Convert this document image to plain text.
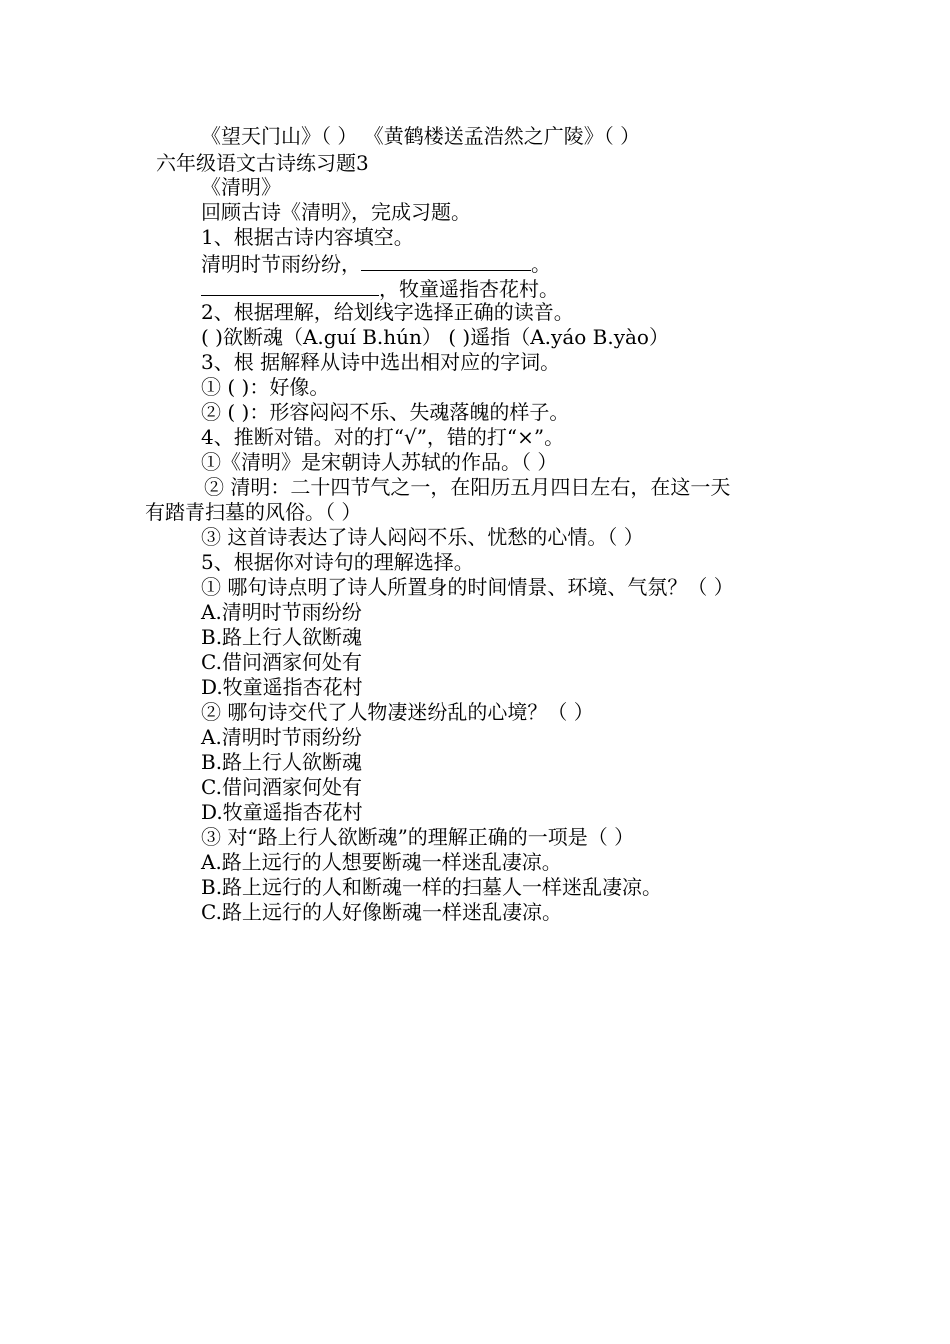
《望天门山》（ ） 《黄鹤楼送孟浩然之广陵》（ ）
六年级语文古诗练习题3
《清明》
回顾古诗《清明》，完成习题。
1、根据古诗内容填空。
清明时节雨纷纷，	。
，牧童遥指杏花村。
2、根据理解，给划线字选择正确的读音。
( )欲断魂（A.guí B.hún） ( )遥指（A.yáo B.yào）
3、根 据解释从诗中选出相对应的字词。
① ( )：好像。
② ( )：形容闷闷不乐、失魂落魄的样子。
4、推断对错。对的打“√”，错的打“×”。
①《清明》是宋朝诗人苏轼的作品。（ ）
② 清明：二十四节气之一，在阳历五月四日左右，在这一天
有踏青扫墓的风俗。（ ）
③ 这首诗表达了诗人闷闷不乐、忧愁的心情。（ ）
5、根据你对诗句的理解选择。
① 哪句诗点明了诗人所置身的时间情景、环境、气氛？（ ）
A.清明时节雨纷纷
B.路上行人欲断魂
C.借问酒家何处有
D.牧童遥指杏花村
② 哪句诗交代了人物凄迷纷乱的心境？（ ）
A.清明时节雨纷纷
B.路上行人欲断魂
C.借问酒家何处有
D.牧童遥指杏花村
③ 对“路上行人欲断魂”的理解正确的一项是（ ）
A.路上远行的人想要断魂一样迷乱凄凉。
B.路上远行的人和断魂一样的扫墓人一样迷乱凄凉。
C.路上远行的人好像断魂一样迷乱凄凉。
